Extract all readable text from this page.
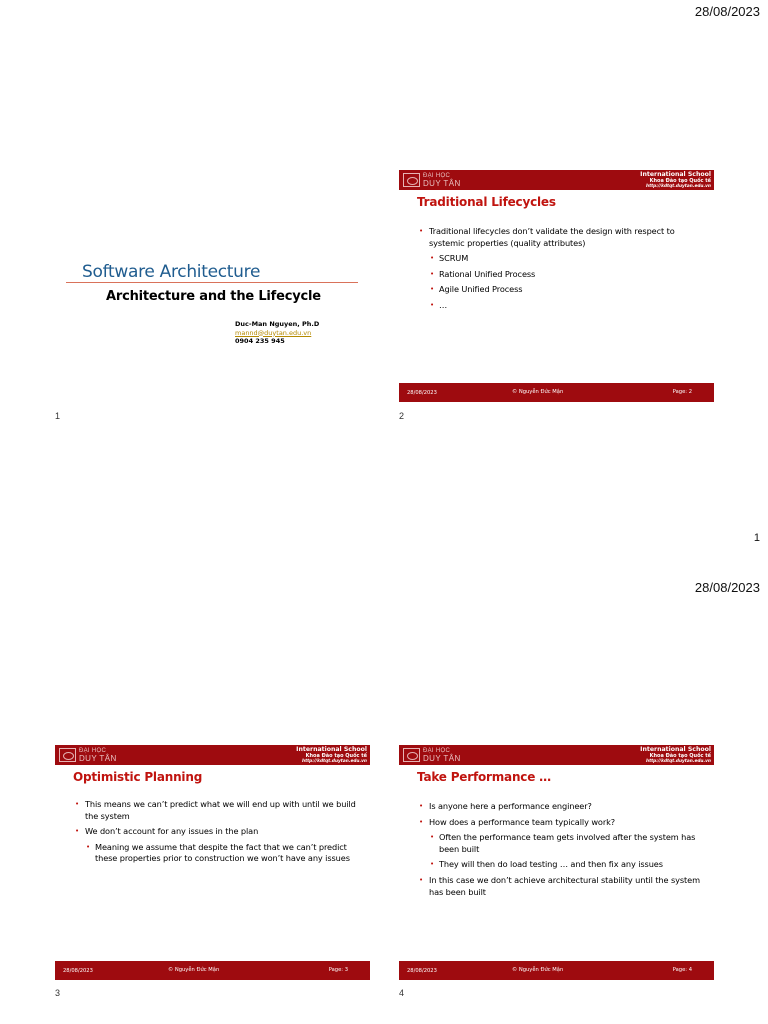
28/08/2023
Software Architecture
Architecture and the Lifecycle
Duc-Man Nguyen, Ph.D
mannd@duytan.edu.vn
0904 235 945
1
ĐẠI HỌC
DUY TÂN
International School
Khoa Đào tạo Quốc tế
http://kdtqt.duytan.edu.vn
Traditional Lifecycles
• Traditional lifecycles don’t validate the design with respect to systemic properties (quality attributes)
• SCRUM
• Rational Unified Process
• Agile Unified Process
• …
28/08/2023	© Nguyễn Đức Mận	Page: 2
2
1
28/08/2023
ĐẠI HỌC
DUY TÂN
International School
Khoa Đào tạo Quốc tế
http://kdtqt.duytan.edu.vn
Optimistic Planning
• This means we can’t predict what we will end up with until we build the system
• We don’t account for any issues in the plan
• Meaning we assume that despite the fact that we can’t predict these properties prior to construction we won’t have any issues
28/08/2023	© Nguyễn Đức Mận	Page: 3
3
ĐẠI HỌC
DUY TÂN
International School
Khoa Đào tạo Quốc tế
http://kdtqt.duytan.edu.vn
Take Performance …
• Is anyone here a performance engineer?
• How does a performance team typically work?
• Often the performance team gets involved after the system has been built
• They will then do load testing … and then fix any issues
• In this case we don’t achieve architectural stability until the system has been built
28/08/2023	© Nguyễn Đức Mận	Page: 4
4
